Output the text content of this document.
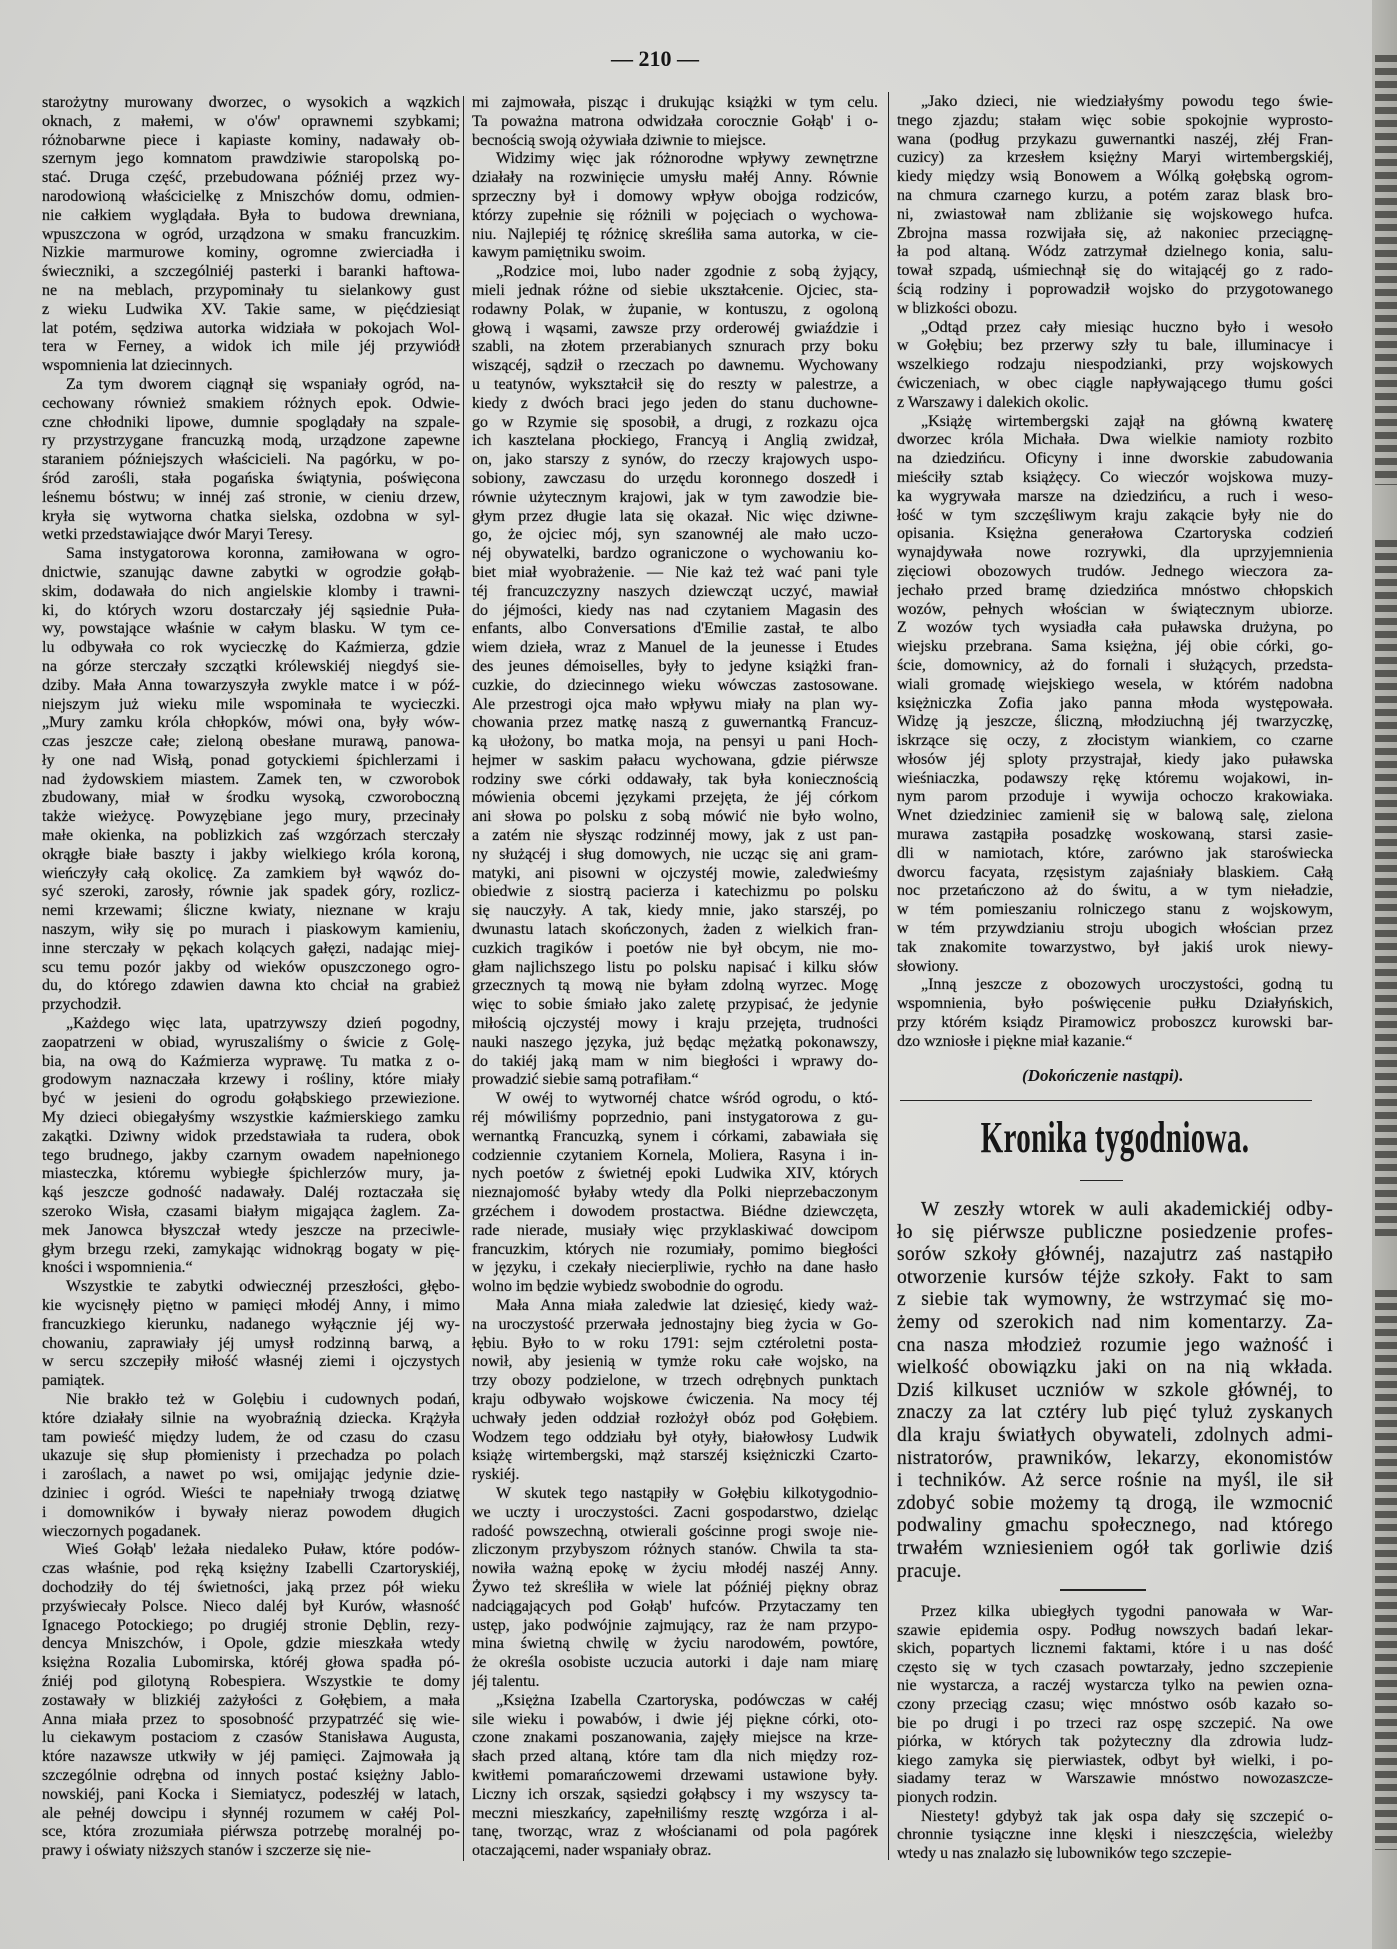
— 210 —
starożytny murowany dworzec, o wysokich a wązkich
oknach, z małemi, w o'ów' oprawnemi szybkami;
różnobarwne piece i kapiaste kominy, nadawały ob-
szernym jego komnatom prawdziwie staropolską po-
stać. Druga część, przebudowana późniéj przez wy-
narodowioną właścicielkę z Mniszchów domu, odmien-
nie całkiem wyglądała. Była to budowa drewniana,
wpuszczona w ogród, urządzona w smaku francuzkim.
Nizkie marmurowe kominy, ogromne zwierciadła i
świeczniki, a szczególniéj pasterki i baranki haftowa-
ne na meblach, przypominały tu sielankowy gust
z wieku Ludwika XV. Takie same, w pięćdziesiąt
lat potém, sędziwa autorka widziała w pokojach Wol-
tera w Ferney, a widok ich mile jéj przywiódł
wspomnienia lat dziecinnych.
Za tym dworem ciągnął się wspaniały ogród, na-
cechowany również smakiem różnych epok. Odwie-
czne chłodniki lipowe, dumnie spoglądały na szpale-
ry przystrzygane francuzką modą, urządzone zapewne
staraniem późniejszych właścicieli. Na pagórku, w po-
śród zarośli, stała pogańska świątynia, poświęcona
leśnemu bóstwu; w innéj zaś stronie, w cieniu drzew,
kryła się wytworna chatka sielska, ozdobna w syl-
wetki przedstawiające dwór Maryi Teresy.
Sama instygatorowa koronna, zamiłowana w ogro-
dnictwie, szanując dawne zabytki w ogrodzie gołąb-
skim, dodawała do nich angielskie klomby i trawni-
ki, do których wzoru dostarczały jéj sąsiednie Puła-
wy, powstające właśnie w całym blasku. W tym ce-
lu odbywała co rok wycieczkę do Kaźmierza, gdzie
na górze sterczały szczątki królewskiéj niegdyś sie-
dziby. Mała Anna towarzyszyła zwykle matce i w póź-
niejszym już wieku mile wspominała te wycieczki.
„Mury zamku króla chłopków, mówi ona, były wów-
czas jeszcze całe; zieloną obesłane murawą, panowa-
ły one nad Wisłą, ponad gotyckiemi śpichlerzami i
nad żydowskiem miastem. Zamek ten, w czworobok
zbudowany, miał w środku wysoką, czworoboczną
także wieżycę. Powyzębiane jego mury, przecinały
małe okienka, na poblizkich zaś wzgórzach sterczały
okrągłe białe baszty i jakby wielkiego króla koroną,
wieńczyły całą okolicę. Za zamkiem był wąwóz do-
syć szeroki, zarosły, równie jak spadek góry, rozlicz-
nemi krzewami; śliczne kwiaty, nieznane w kraju
naszym, wiły się po murach i piaskowym kamieniu,
inne sterczały w pękach kolących gałęzi, nadając miej-
scu temu pozór jakby od wieków opuszczonego ogro-
du, do którego zdawien dawna kto chciał na grabież
przychodził.
„Każdego więc lata, upatrzywszy dzień pogodny,
zaopatrzeni w obiad, wyruszaliśmy o świcie z Golę-
bia, na ową do Kaźmierza wyprawę. Tu matka z o-
grodowym naznaczała krzewy i rośliny, które miały
być w jesieni do ogrodu gołąbskiego przewiezione.
My dzieci obiegałyśmy wszystkie kaźmierskiego zamku
zakątki. Dziwny widok przedstawiała ta rudera, obok
tego brudnego, jakby czarnym owadem napełnionego
miasteczka, któremu wybiegłe śpichlerzów mury, ja-
kąś jeszcze godność nadawały. Daléj roztaczała się
szeroko Wisła, czasami białym migająca żaglem. Za-
mek Janowca błyszczał wtedy jeszcze na przeciwle-
głym brzegu rzeki, zamykając widnokrąg bogaty w pię-
kności i wspomnienia.“
Wszystkie te zabytki odwiecznéj przeszłości, głębo-
kie wycisnęły piętno w pamięci młodéj Anny, i mimo
francuzkiego kierunku, nadanego wyłącznie jéj wy-
chowaniu, zaprawiały jéj umysł rodzinną barwą, a
w sercu szczepiły miłość własnéj ziemi i ojczystych
pamiątek.
Nie brakło też w Golębiu i cudownych podań,
które działały silnie na wyobraźnią dziecka. Krążyła
tam powieść między ludem, że od czasu do czasu
ukazuje się słup płomienisty i przechadza po polach
i zaroślach, a nawet po wsi, omijając jedynie dzie-
dziniec i ogród. Wieści te napełniały trwogą dziatwę
i domowników i bywały nieraz powodem długich
wieczornych pogadanek.
Wieś Gołąb' leżała niedaleko Puław, które podów-
czas właśnie, pod ręką księżny Izabelli Czartoryskiéj,
dochodziły do téj świetności, jaką przez pół wieku
przyświecały Polsce. Nieco daléj był Kurów, własność
Ignacego Potockiego; po drugiéj stronie Dęblin, rezy-
dencya Mniszchów, i Opole, gdzie mieszkała wtedy
księżna Rozalia Lubomirska, któréj głowa spadła pó-
źniéj pod gilotyną Robespiera. Wszystkie te domy
zostawały w blizkiéj zażyłości z Gołębiem, a mała
Anna miała przez to sposobność przypatrzéć się wie-
lu ciekawym postaciom z czasów Stanisława Augusta,
które nazawsze utkwiły w jéj pamięci. Zajmowała ją
szczególnie odrębna od innych postać księżny Jablo-
nowskiéj, pani Kocka i Siemiatycz, podeszłéj w latach,
ale pełnéj dowcipu i słynnéj rozumem w całéj Pol-
sce, która zrozumiała piérwsza potrzebę moralnéj po-
prawy i oświaty niższych stanów i szczerze się nie-
mi zajmowała, pisząc i drukując książki w tym celu.
Ta poważna matrona odwidzała corocznie Gołąb' i o-
becnością swoją ożywiała dziwnie to miejsce.
Widzimy więc jak różnorodne wpływy zewnętrzne
działały na rozwinięcie umysłu małéj Anny. Równie
sprzeczny był i domowy wpływ obojga rodziców,
którzy zupełnie się różnili w pojęciach o wychowa-
niu. Najlepiéj tę różnicę skreśliła sama autorka, w cie-
kawym pamiętniku swoim.
„Rodzice moi, lubo nader zgodnie z sobą żyjący,
mieli jednak różne od siebie ukształcenie. Ojciec, sta-
rodawny Polak, w żupanie, w kontuszu, z ogoloną
głową i wąsami, zawsze przy orderowéj gwiaździe i
szabli, na złotem przerabianych sznurach przy boku
wiszącéj, sądził o rzeczach po dawnemu. Wychowany
u teatynów, wykształcił się do reszty w palestrze, a
kiedy z dwóch braci jego jeden do stanu duchowne-
go w Rzymie się sposobił, a drugi, z rozkazu ojca
ich kasztelana płockiego, Francyą i Anglią zwidzał,
on, jako starszy z synów, do rzeczy krajowych uspo-
sobiony, zawczasu do urzędu koronnego doszedł i
równie użytecznym krajowi, jak w tym zawodzie bie-
głym przez długie lata się okazał. Nic więc dziwne-
go, że ojciec mój, syn szanownéj ale mało uczo-
néj obywatelki, bardzo ograniczone o wychowaniu ko-
biet miał wyobrażenie. — Nie każ też wać pani tyle
téj francuzczyzny naszych dziewcząt uczyć, mawiał
do jéjmości, kiedy nas nad czytaniem Magasin des
enfants, albo Conversations d'Emilie zastał, te albo
wiem dzieła, wraz z Manuel de la jeunesse i Etudes
des jeunes démoiselles, były to jedyne książki fran-
cuzkie, do dziecinnego wieku wówczas zastosowane.
Ale przestrogi ojca mało wpływu miały na plan wy-
chowania przez matkę naszą z guwernantką Francuz-
ką ułożony, bo matka moja, na pensyi u pani Hoch-
hejmer w saskim pałacu wychowana, gdzie piérwsze
rodziny swe córki oddawały, tak była koniecznością
mówienia obcemi językami przejęta, że jéj córkom
ani słowa po polsku z sobą mówić nie było wolno,
a zatém nie słysząc rodzinnéj mowy, jak z ust pan-
ny służącéj i sług domowych, nie ucząc się ani gram-
matyki, ani pisowni w ojczystéj mowie, zaledwieśmy
obiedwie z siostrą pacierza i katechizmu po polsku
się nauczyły. A tak, kiedy mnie, jako starszéj, po
dwunastu latach skończonych, żaden z wielkich fran-
cuzkich tragików i poetów nie był obcym, nie mo-
głam najlichszego listu po polsku napisać i kilku słów
grzecznych tą mową nie byłam zdolną wyrzec. Mogę
więc to sobie śmiało jako zaletę przypisać, że jedynie
miłością ojczystéj mowy i kraju przejęta, trudności
nauki naszego języka, już będąc mężatką pokonawszy,
do takiéj jaką mam w nim biegłości i wprawy do-
prowadzić siebie samą potrafiłam.“
W owéj to wytwornéj chatce wśród ogrodu, o któ-
réj mówiliśmy poprzednio, pani instygatorowa z gu-
wernantką Francuzką, synem i córkami, zabawiała się
codziennie czytaniem Kornela, Moliera, Rasyna i in-
nych poetów z świetnéj epoki Ludwika XIV, których
nieznajomość byłaby wtedy dla Polki nieprzebaczonym
grzéchem i dowodem prostactwa. Biédne dziewczęta,
rade nierade, musiały więc przyklaskiwać dowcipom
francuzkim, których nie rozumiały, pomimo biegłości
w języku, i czekały niecierpliwie, rychło na dane hasło
wolno im będzie wybiedz swobodnie do ogrodu.
Mała Anna miała zaledwie lat dziesięć, kiedy waż-
na uroczystość przerwała jednostajny bieg życia w Go-
łębiu. Było to w roku 1791: sejm cztéroletni posta-
nowił, aby jesienią w tymże roku całe wojsko, na
trzy obozy podzielone, w trzech odrębnych punktach
kraju odbywało wojskowe ćwiczenia. Na mocy téj
uchwały jeden oddział rozłożył obóz pod Gołębiem.
Wodzem tego oddziału był otyły, białowłosy Ludwik
książę wirtembergski, mąż starszéj księżniczki Czarto-
ryskiéj.
W skutek tego nastąpiły w Gołębiu kilkotygodnio-
we uczty i uroczystości. Zacni gospodarstwo, dzieląc
radość powszechną, otwierali gościnne progi swoje nie-
zliczonym przybyszom różnych stanów. Chwila ta sta-
nowiła ważną epokę w życiu młodéj naszéj Anny.
Żywo też skreśliła w wiele lat późniéj piękny obraz
nadciągających pod Gołąb' hufców. Przytaczamy ten
ustęp, jako podwójnie zajmujący, raz że nam przypo-
mina świetną chwilę w życiu narodowém, powtóre,
że określa osobiste uczucia autorki i daje nam miarę
jéj talentu.
„Księżna Izabella Czartoryska, podówczas w całéj
sile wieku i powabów, i dwie jéj piękne córki, oto-
czone znakami poszanowania, zajęły miejsce na krze-
słach przed altaną, które tam dla nich między roz-
kwitłemi pomarańczowemi drzewami ustawione były.
Liczny ich orszak, sąsiedzi gołąbscy i my wszyscy ta-
meczni mieszkańcy, zapełniliśmy resztę wzgórza i al-
tanę, tworząc, wraz z włościanami od pola pagórek
otaczającemi, nader wspaniały obraz.
„Jako dzieci, nie wiedziałyśmy powodu tego świe-
tnego zjazdu; stałam więc sobie spokojnie wyprosto-
wana (podług przykazu guwernantki naszéj, złéj Fran-
cuzicy) za krzesłem księżny Maryi wirtembergskiéj,
kiedy między wsią Bonowem a Wólką gołębską ogrom-
na chmura czarnego kurzu, a potém zaraz blask bro-
ni, zwiastował nam zbliżanie się wojskowego hufca.
Zbrojna massa rozwijała się, aż nakoniec przeciągnę-
ła pod altaną. Wódz zatrzymał dzielnego konia, salu-
tował szpadą, uśmiechnął się do witającéj go z rado-
ścią rodziny i poprowadził wojsko do przygotowanego
w blizkości obozu.
„Odtąd przez cały miesiąc huczno było i wesoło
w Gołębiu; bez przerwy szły tu bale, illuminacye i
wszelkiego rodzaju niespodzianki, przy wojskowych
ćwiczeniach, w obec ciągle napływającego tłumu gości
z Warszawy i dalekich okolic.
„Książę wirtembergski zajął na główną kwaterę
dworzec króla Michała. Dwa wielkie namioty rozbito
na dziedzińcu. Oficyny i inne dworskie zabudowania
mieściły sztab książęcy. Co wieczór wojskowa muzy-
ka wygrywała marsze na dziedzińcu, a ruch i weso-
łość w tym szczęśliwym kraju zakącie były nie do
opisania. Księżna generałowa Czartoryska codzień
wynajdywała nowe rozrywki, dla uprzyjemnienia
zięciowi obozowych trudów. Jednego wieczora za-
jechało przed bramę dziedzińca mnóstwo chłopskich
wozów, pełnych włościan w świątecznym ubiorze.
Z wozów tych wysiadła cała puławska drużyna, po
wiejsku przebrana. Sama księżna, jéj obie córki, go-
ście, domownicy, aż do fornali i służących, przedsta-
wiali gromadę wiejskiego wesela, w którém nadobna
księżniczka Zofia jako panna młoda występowała.
Widzę ją jeszcze, śliczną, młodziuchną jéj twarzyczkę,
iskrzące się oczy, z złocistym wiankiem, co czarne
włosów jéj sploty przystrajał, kiedy jako puławska
wieśniaczka, podawszy rękę któremu wojakowi, in-
nym parom przoduje i wywija ochoczo krakowiaka.
Wnet dziedziniec zamienił się w balową salę, zielona
murawa zastąpiła posadzkę woskowaną, starsi zasie-
dli w namiotach, które, zarówno jak staroświecka
dworcu facyata, rzęsistym zajaśniały blaskiem. Całą
noc przetańczono aż do świtu, a w tym nieładzie,
w tém pomieszaniu rolniczego stanu z wojskowym,
w tém przywdzianiu stroju ubogich włościan przez
tak znakomite towarzystwo, był jakiś urok niewy-
słowiony.
„Inną jeszcze z obozowych uroczystości, godną tu
wspomnienia, było poświęcenie pułku Działyńskich,
przy którém ksiądz Piramowicz proboszcz kurowski bar-
dzo wzniosłe i piękne miał kazanie.“
(Dokończenie nastąpi).
Kronika tygodniowa.
W zeszły wtorek w auli akademickiéj odby-
ło się piérwsze publiczne posiedzenie profes-
sorów szkoły głównéj, nazajutrz zaś nastąpiło
otworzenie kursów téjże szkoły. Fakt to sam
z siebie tak wymowny, że wstrzymać się mo-
żemy od szerokich nad nim komentarzy. Za-
cna nasza młodzież rozumie jego ważność i
wielkość obowiązku jaki on na nią wkłada.
Dziś kilkuset uczniów w szkole głównéj, to
znaczy za lat cztéry lub pięć tyluż zyskanych
dla kraju światłych obywateli, zdolnych admi-
nistratorów, prawników, lekarzy, ekonomistów
i techników. Aż serce rośnie na myśl, ile sił
zdobyć sobie możemy tą drogą, ile wzmocnić
podwaliny gmachu społecznego, nad którego
trwałém wzniesieniem ogół tak gorliwie dziś
pracuje.
Przez kilka ubiegłych tygodni panowała w War-
szawie epidemia ospy. Podług nowszych badań lekar-
skich, popartych licznemi faktami, które i u nas dość
często się w tych czasach powtarzały, jedno szczepienie
nie wystarcza, a raczéj wystarcza tylko na pewien ozna-
czony przeciąg czasu; więc mnóstwo osób kazało so-
bie po drugi i po trzeci raz ospę szczepić. Na owe
piórka, w których tak pożyteczny dla zdrowia ludz-
kiego zamyka się pierwiastek, odbyt był wielki, i po-
siadamy teraz w Warszawie mnóstwo nowozaszcze-
pionych rodzin.
Niestety! gdybyż tak jak ospa dały się szczepić o-
chronnie tysiączne inne klęski i nieszczęścia, wieleżby
wtedy u nas znalazło się lubowników tego szczepie-
